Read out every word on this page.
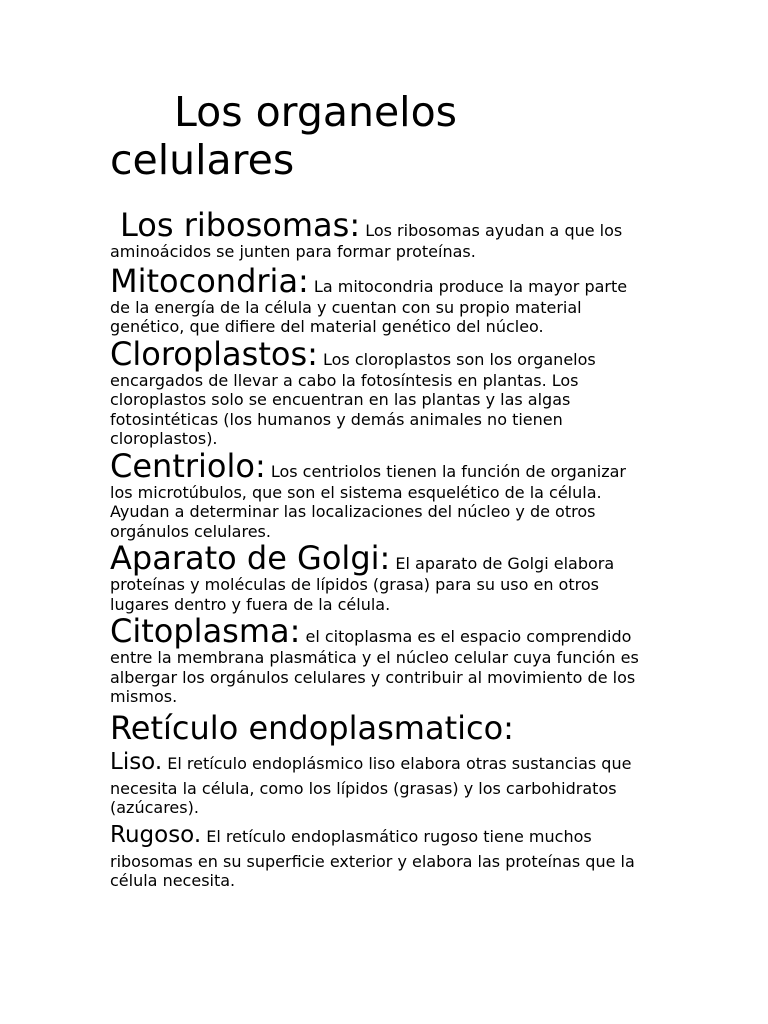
Los organelos
celulares

Los ribosomas: Los ribosomas ayudan a que los aminoácidos se junten para formar proteínas.

Mitocondria: La mitocondria produce la mayor parte de la energía de la célula y cuentan con su propio material genético, que difiere del material genético del núcleo.

Cloroplastos: Los cloroplastos son los organelos encargados de llevar a cabo la fotosíntesis en plantas. Los cloroplastos solo se encuentran en las plantas y las algas fotosintéticas (los humanos y demás animales no tienen cloroplastos).

Centriolo: Los centriolos tienen la función de organizar los microtúbulos, que son el sistema esquelético de la célula. Ayudan a determinar las localizaciones del núcleo y de otros orgánulos celulares.

Aparato de Golgi: El aparato de Golgi elabora proteínas y moléculas de lípidos (grasa) para su uso en otros lugares dentro y fuera de la célula.

Citoplasma: el citoplasma es el espacio comprendido entre la membrana plasmática y el núcleo celular cuya función es albergar los orgánulos celulares y contribuir al movimiento de los mismos.

Retículo endoplasmatico:

Liso. El retículo endoplásmico liso elabora otras sustancias que necesita la célula, como los lípidos (grasas) y los carbohidratos (azúcares).

Rugoso. El retículo endoplasmático rugoso tiene muchos ribosomas en su superficie exterior y elabora las proteínas que la célula necesita.
